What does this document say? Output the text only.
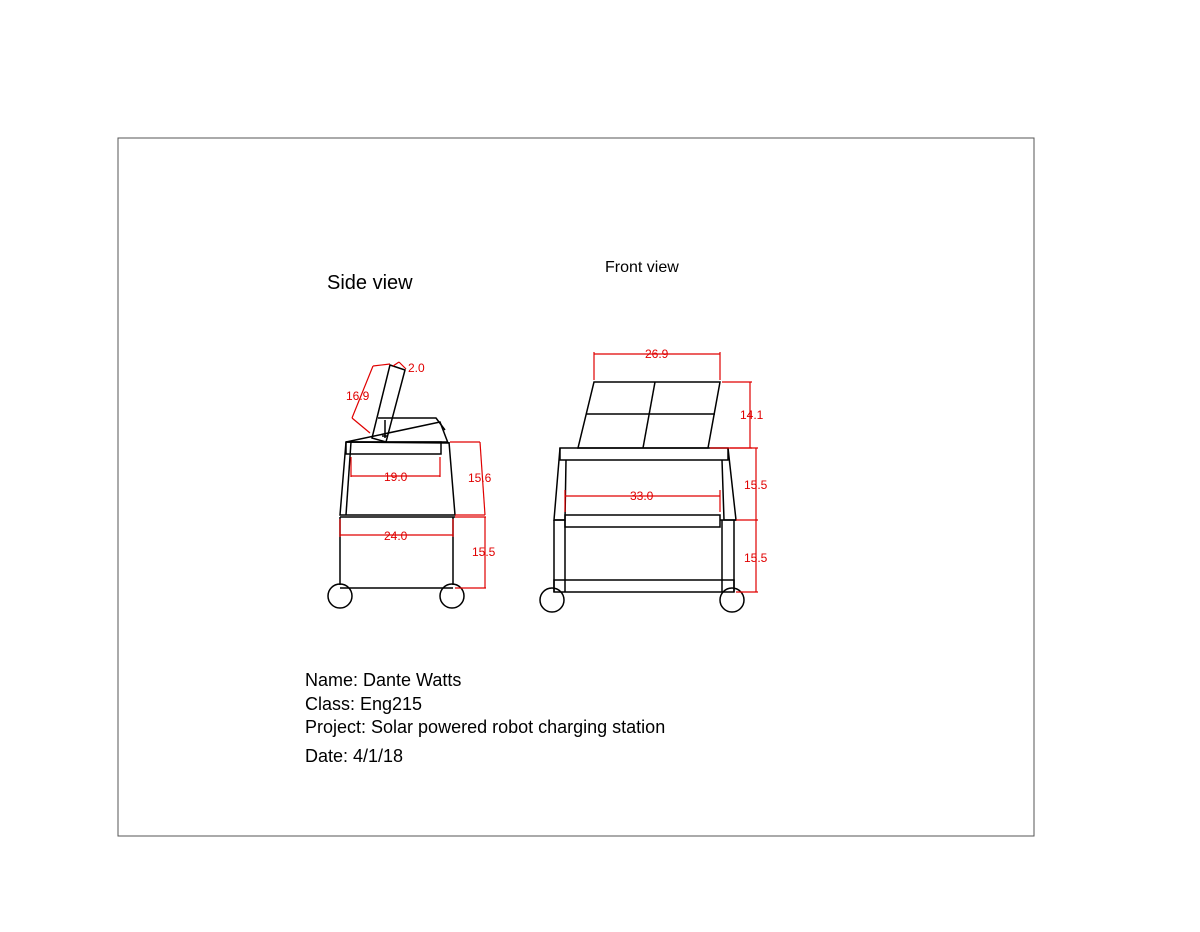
16.9
2.0
19.0	15.6
24.0
15.5
26.9
14.1
33.0
15.5
15.5
Side view
Front view
Name: Dante Watts
Class: Eng215
Project: Solar powered robot charging station
Date: 4/1/18
